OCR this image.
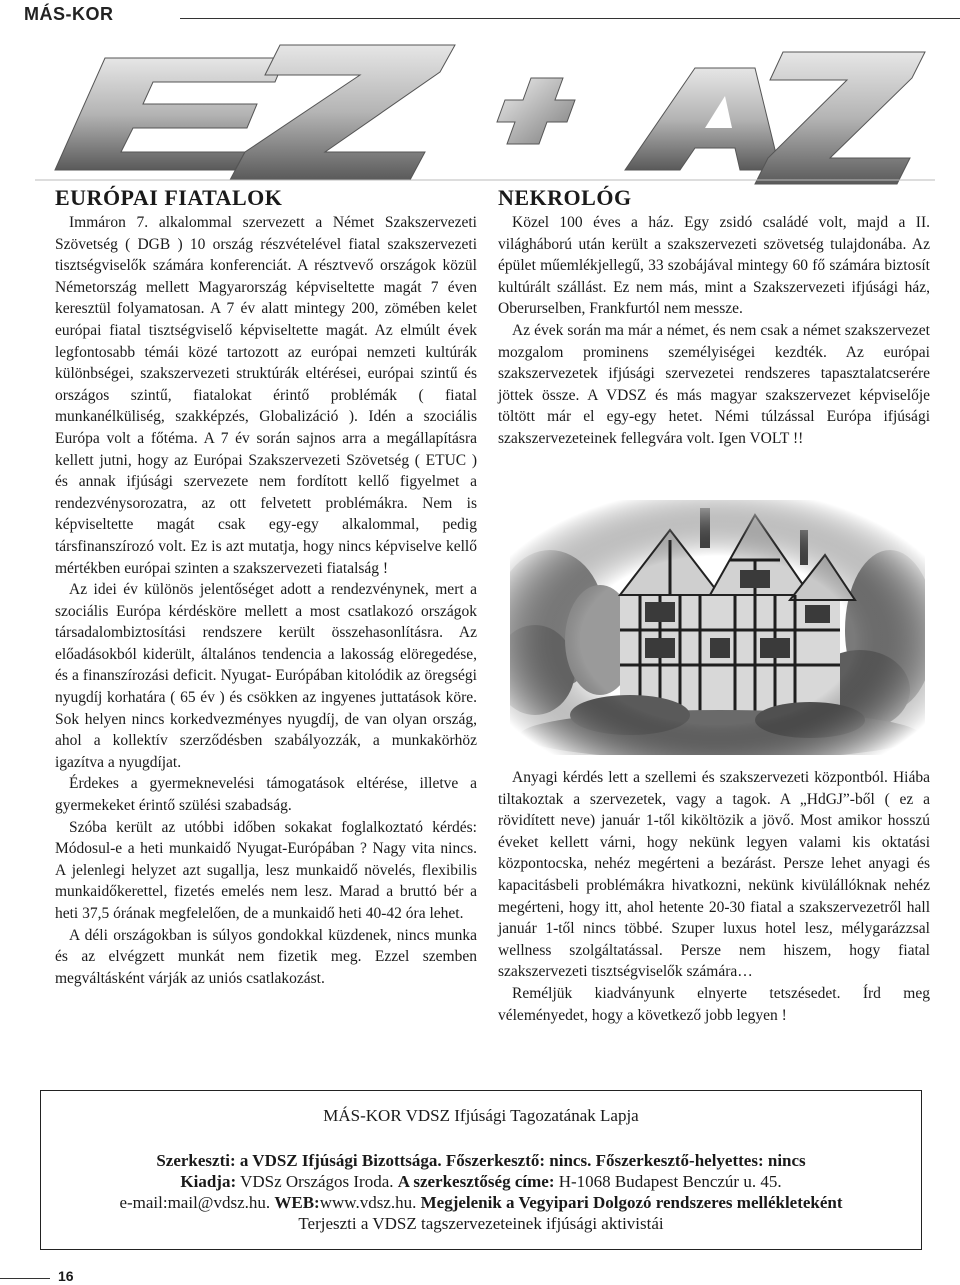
MÁS-KOR
EURÓPAI FIATALOK

Immáron 7. alkalommal szervezett a Német Szakszervezeti Szövetség ( DGB ) 10 ország részvételével fiatal szakszervezeti tisztségviselők számára konferenciát. A résztvevő országok közül Németország mellett Magyarország képviseltette magát 7 éven keresztül folyamatosan. A 7 év alatt mintegy 200, zömében kelet európai fiatal tisztségviselő képviseltette magát. Az elmúlt évek legfontosabb témái közé tartozott az európai nemzeti kultúrák különbségei, szakszervezeti struktúrák eltérései, európai szintű és országos szintű, fiatalokat érintő problémák ( fiatal munkanélküliség, szakképzés, Globalizáció ). Idén a szociális Európa volt a főtéma. A 7 év során sajnos arra a megállapításra kellett jutni, hogy az Európai Szakszervezeti Szövetség ( ETUC ) és annak ifjúsági szervezete nem fordított kellő figyelmet a rendezvénysorozatra, az ott felvetett problémákra. Nem is képviseltette magát csak egy-egy alkalommal, pedig társfinanszírozó volt. Ez is azt mutatja, hogy nincs képviselve kellő mértékben európai szinten a szakszervezeti fiatalság !

Az idei év különös jelentőséget adott a rendezvénynek, mert a szociális Európa kérdésköre mellett a most csatlakozó országok társadalombiztosítási rendszere került összehasonlításra. Az előadásokból kiderült, általános tendencia a lakosság elöregedése, és a finanszírozási deficit. Nyugat- Európában kitolódik az öregségi nyugdíj korhatára ( 65 év ) és csökken az ingyenes juttatások köre. Sok helyen nincs korkedvezményes nyugdíj, de van olyan ország, ahol a kollektív szerződésben szabályozzák, a munkakörhöz igazítva a nyugdíjat.

Érdekes a gyermeknevelési támogatások eltérése, illetve a gyermekeket érintő szülési szabadság.

Szóba került az utóbbi időben sokakat foglalkoztató kérdés: Módosul-e a heti munkaidő Nyugat-Európában ? Nagy vita nincs. A jelenlegi helyzet azt sugallja, lesz munkaidő növelés, flexibilis munkaidőkerettel, fizetés emelés nem lesz. Marad a bruttó bér a heti 37,5 órának megfelelően, de a munkaidő heti 40-42 óra lehet.

A déli országokban is súlyos gondokkal küzdenek, nincs munka és az elvégzett munkát nem fizetik meg. Ezzel szemben megváltásként várják az uniós csatlakozást.

NEKROLÓG

Közel 100 éves a ház. Egy zsidó családé volt, majd a II. világháború után került a szakszervezeti szövetség tulajdonába. Az épület műemlékjellegű, 33 szobájával mintegy 60 fő számára biztosít kultúrált szállást. Ez nem más, mint a Szakszervezeti ifjúsági ház, Oberurselben, Frankfurtól nem messze.

Az évek során ma már a német, és nem csak a német szakszervezet mozgalom prominens személyiségei kezdték. Az európai szakszervezetek ifjúsági szervezetei rendszeres tapasztalatcserére jöttek össze. A VDSZ és más magyar szakszervezet képviselője töltött már el egy-egy hetet. Némi túlzással Európa ifjúsági szakszervezeteinek fellegvára volt. Igen VOLT !!

Anyagi kérdés lett a szellemi és szakszervezeti központból. Hiába tiltakoztak a szervezetek, vagy a tagok. A „HdGJ”-ből ( ez a rövidített neve) január 1-től kiköltözik a jövő. Most amikor hosszú éveket kellett várni, hogy nekünk legyen valami kis oktatási központocska, nehéz megérteni a bezárást. Persze lehet anyagi és kapacitásbeli problémákra hivatkozni, nekünk kivülállóknak nehéz megérteni, hogy itt, ahol hetente 20-30 fiatal a szakszervezetről hall január 1-től nincs többé. Szuper luxus hotel lesz, mélygarázzsal wellness szolgáltatással. Persze nem hiszem, hogy fiatal szakszervezeti tisztségviselők számára…

Reméljük kiadványunk elnyerte tetszésedet. Írd meg véleményedet, hogy a következő jobb legyen !

MÁS-KOR VDSZ Ifjúsági Tagozatának Lapja
Szerkeszti: a VDSZ Ifjúsági Bizottsága. Főszerkesztő: nincs. Főszerkesztő-helyettes: nincs
Kiadja: VDSz Országos Iroda. A szerkesztőség címe: H-1068 Budapest Benczúr u. 45.
e-mail:mail@vdsz.hu. WEB:www.vdsz.hu. Megjelenik a Vegyipari Dolgozó rendszeres mellékleteként
Terjeszti a VDSZ tagszervezeteinek ifjúsági aktivistái
16
